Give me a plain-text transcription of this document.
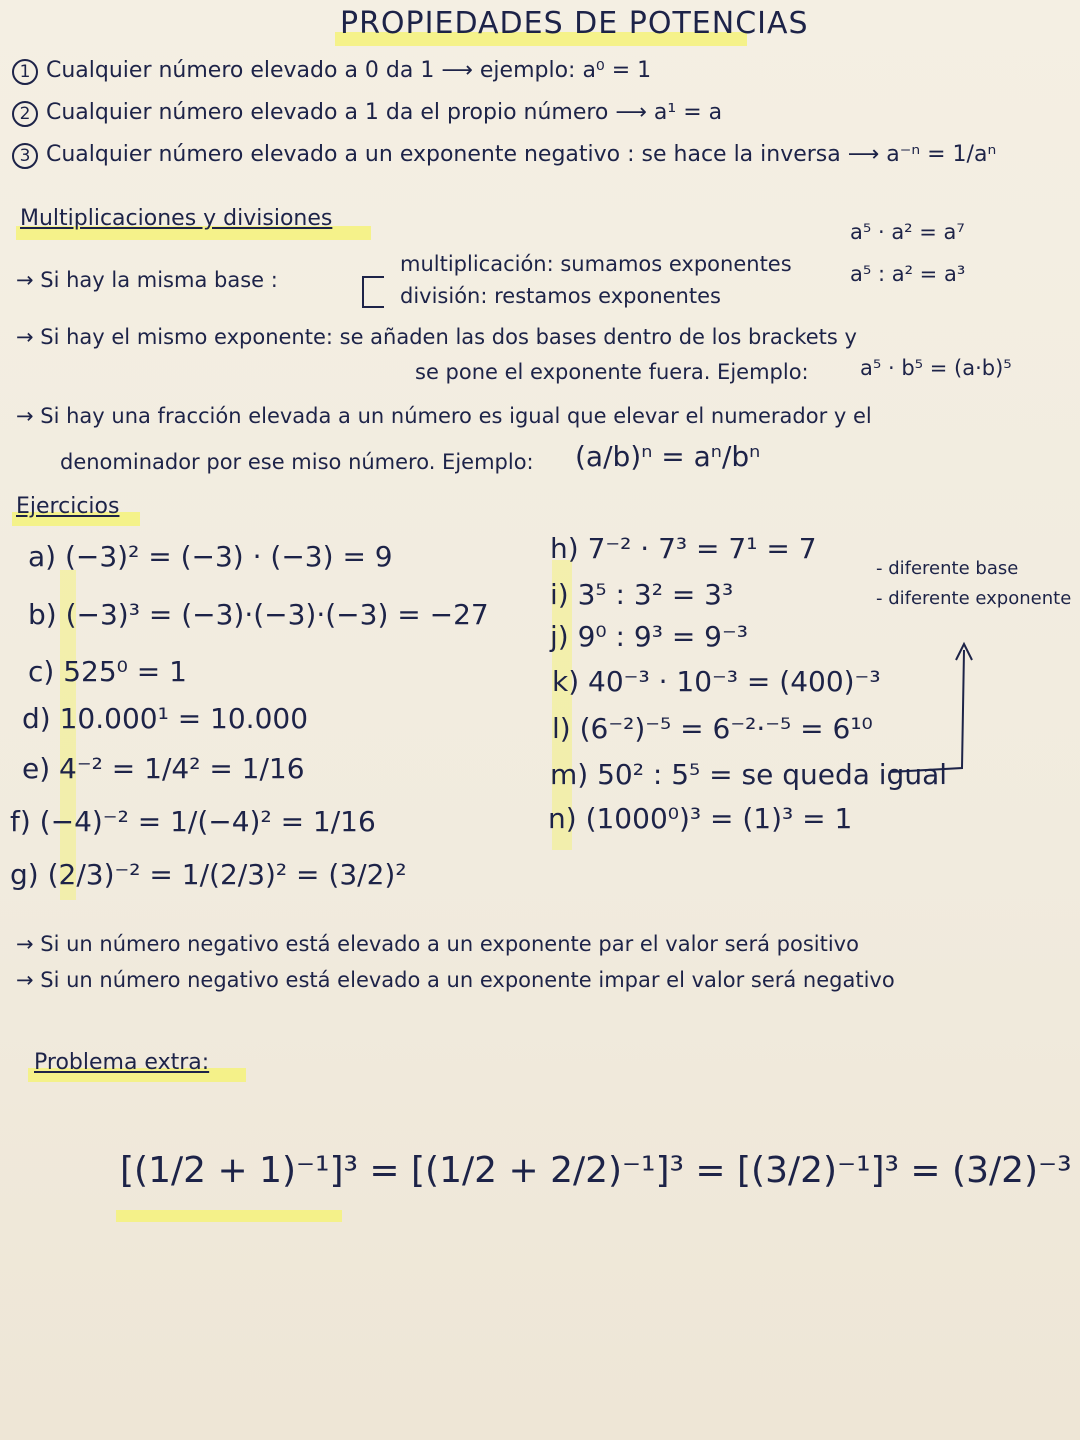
PROPIEDADES DE POTENCIAS
1 Cualquier número elevado a 0 da 1 ⟶ ejemplo: a⁰ = 1
2 Cualquier número elevado a 1 da el propio número ⟶ a¹ = a
3 Cualquier número elevado a un exponente negativo : se hace la inversa ⟶ a⁻ⁿ = 1/aⁿ
Multiplicaciones y divisiones
→ Si hay la misma base :
multiplicación: sumamos exponentes
a⁵ · a² = a⁷
división: restamos exponentes
a⁵ : a² = a³
→ Si hay el mismo exponente: se añaden las dos bases dentro de los brackets y
se pone el exponente fuera. Ejemplo: a⁵ · b⁵ = (a·b)⁵
→ Si hay una fracción elevada a un número es igual que elevar el numerador y el
denominador por ese miso número. Ejemplo: (a/b)ⁿ = aⁿ/bⁿ
Ejercicios
a) (−3)² = (−3) · (−3) = 9
b) (−3)³ = (−3)·(−3)·(−3) = −27
c) 525⁰ = 1
d) 10.000¹ = 10.000
e) 4⁻² = 1/4² = 1/16
f) (−4)⁻² = 1/(−4)² = 1/16
g) (2/3)⁻² = 1/(2/3)² = (3/2)²
h) 7⁻² · 7³ = 7¹ = 7
i) 3⁵ : 3² = 3³
j) 9⁰ : 9³ = 9⁻³
k) 40⁻³ · 10⁻³ = (400)⁻³
l) (6⁻²)⁻⁵ = 6⁻²·⁻⁵ = 6¹⁰
m) 50² : 5⁵ = se queda igual
n) (1000⁰)³ = (1)³ = 1
- diferente base
- diferente exponente
→ Si un número negativo está elevado a un exponente par el valor será positivo
→ Si un número negativo está elevado a un exponente impar el valor será negativo
Problema extra:
[(1/2 + 1)⁻¹]³ = [(1/2 + 2/2)⁻¹]³ = [(3/2)⁻¹]³ = (3/2)⁻³
